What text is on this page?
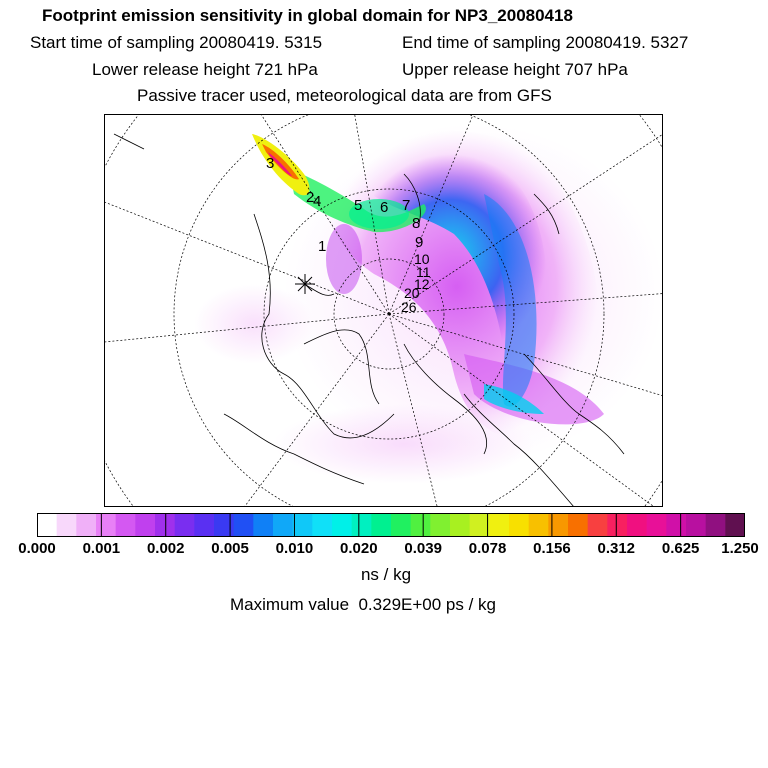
Footprint emission sensitivity in global domain for NP3_20080418
Start time of sampling 20080419. 5315	End time of sampling 20080419. 5327
Lower release height 721 hPa	Upper release height 707 hPa
Passive tracer used, meteorological data are from GFS
1
2
3
4 5 6 7
8
9
10
11
12
20
26
0.000 0.001 0.002 0.005 0.010 0.020 0.039 0.078 0.156 0.312 0.625 1.250
ns / kg
Maximum value  0.329E+00 ps / kg
